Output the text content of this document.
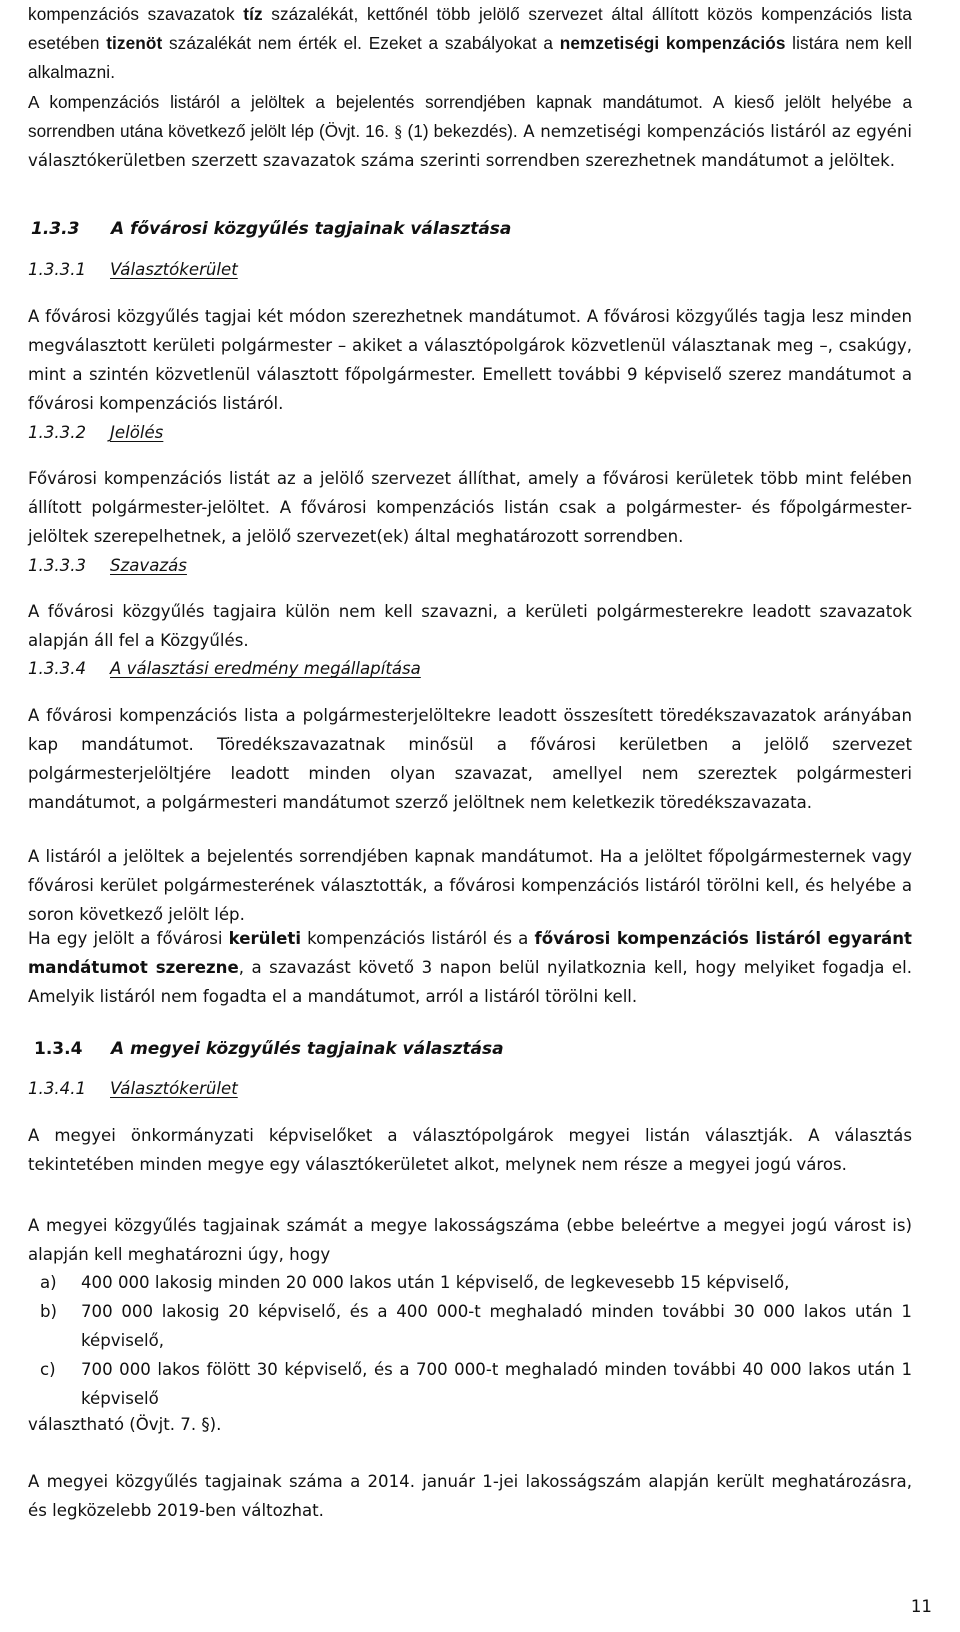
kompenzációs szavazatok tíz százalékát, kettőnél több jelölő szervezet által állított közös kompenzációs lista esetében tizenöt százalékát nem érték el. Ezeket a szabályokat a nemzetiségi kompenzációs listára nem kell alkalmazni.

A kompenzációs listáról a jelöltek a bejelentés sorrendjében kapnak mandátumot. A kieső jelölt helyébe a sorrendben utána következő jelölt lép (Övjt. 16. § (1) bekezdés). A nemzetiségi kompenzációs listáról az egyéni választókerületben szerzett szavazatok száma szerinti sorrendben szerezhetnek mandátumot a jelöltek.

1.3.3 A fővárosi közgyűlés tagjainak választása
1.3.3.1 Választókerület

A fővárosi közgyűlés tagjai két módon szerezhetnek mandátumot. A fővárosi közgyűlés tagja lesz minden megválasztott kerületi polgármester – akiket a választópolgárok közvetlenül választanak meg –, csakúgy, mint a szintén közvetlenül választott főpolgármester. Emellett további 9 képviselő szerez mandátumot a fővárosi kompenzációs listáról.

1.3.3.2 Jelölés

Fővárosi kompenzációs listát az a jelölő szervezet állíthat, amely a fővárosi kerületek több mint felében állított polgármester-jelöltet. A fővárosi kompenzációs listán csak a polgármester- és főpolgármester-jelöltek szerepelhetnek, a jelölő szervezet(ek) által meghatározott sorrendben.

1.3.3.3 Szavazás

A fővárosi közgyűlés tagjaira külön nem kell szavazni, a kerületi polgármesterekre leadott szavazatok alapján áll fel a Közgyűlés.

1.3.3.4 A választási eredmény megállapítása

A fővárosi kompenzációs lista a polgármesterjelöltekre leadott összesített töredékszavazatok arányában kap mandátumot. Töredékszavazatnak minősül a fővárosi kerületben a jelölő szervezet polgármesterjelöltjére leadott minden olyan szavazat, amellyel nem szereztek polgármesteri mandátumot, a polgármesteri mandátumot szerző jelöltnek nem keletkezik töredékszavazata.

A listáról a jelöltek a bejelentés sorrendjében kapnak mandátumot. Ha a jelöltet főpolgármesternek vagy fővárosi kerület polgármesterének választották, a fővárosi kompenzációs listáról törölni kell, és helyébe a soron következő jelölt lép.

Ha egy jelölt a fővárosi kerületi kompenzációs listáról és a fővárosi kompenzációs listáról egyaránt mandátumot szerezne, a szavazást követő 3 napon belül nyilatkoznia kell, hogy melyiket fogadja el. Amelyik listáról nem fogadta el a mandátumot, arról a listáról törölni kell.

1.3.4 A megyei közgyűlés tagjainak választása
1.3.4.1 Választókerület

A megyei önkormányzati képviselőket a választópolgárok megyei listán választják. A választás tekintetében minden megye egy választókerületet alkot, melynek nem része a megyei jogú város.

A megyei közgyűlés tagjainak számát a megye lakosságszáma (ebbe beleértve a megyei jogú várost is) alapján kell meghatározni úgy, hogy

a) 400 000 lakosig minden 20 000 lakos után 1 képviselő, de legkevesebb 15 képviselő,
b) 700 000 lakosig 20 képviselő, és a 400 000-t meghaladó minden további 30 000 lakos után 1 képviselő,
c) 700 000 lakos fölött 30 képviselő, és a 700 000-t meghaladó minden további 40 000 lakos után 1 képviselő

választható (Övjt. 7. §).

A megyei közgyűlés tagjainak száma a 2014. január 1-jei lakosságszám alapján került meghatározásra, és legközelebb 2019-ben változhat.

11
